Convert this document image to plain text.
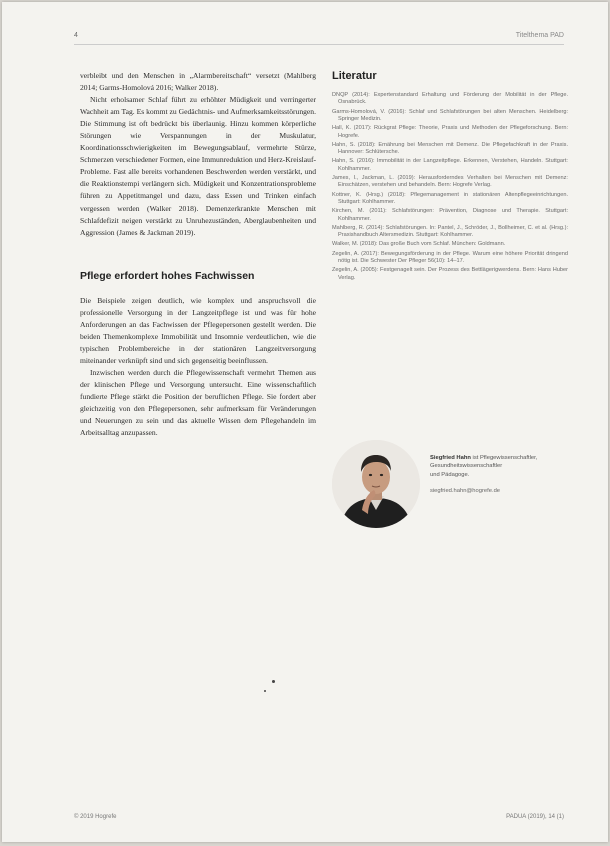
4	Titelthema PAD

verbleibt und den Menschen in „Alarmbereitschaft“ versetzt (Mahlberg 2014; Garms-Homolová 2016; Walker 2018).

Nicht erholsamer Schlaf führt zu erhöhter Müdigkeit und verringerter Wachheit am Tag. Es kommt zu Gedächtnis- und Aufmerksamkeitsstörungen. Die Stimmung ist oft bedrückt bis überlaunig. Hinzu kommen körperliche Störungen wie Verspannungen in der Muskulatur, Koordinationsschwierigkeiten im Bewegungsablauf, vermehrte Stürze, Schmerzen verschiedener Formen, eine Immunreduktion und Herz-Kreislauf-Probleme. Fast alle bereits vorhandenen Beschwerden werden verstärkt, und die Reaktionstempi verlängern sich. Müdigkeit und Konzentrationsprobleme führen zu Appetitmangel und dazu, dass Essen und Trinken einfach vergessen werden (Walker 2018). Demenzerkrankte Menschen mit Schlafdefizit neigen verstärkt zu Unruhezuständen, Aberglaubenheiten und Aggression (James & Jackman 2019).

Pflege erfordert hohes Fachwissen

Die Beispiele zeigen deutlich, wie komplex und anspruchsvoll die professionelle Versorgung in der Langzeitpflege ist und was für hohe Anforderungen an das Fachwissen der Pflegepersonen gestellt werden. Die beiden Themenkomplexe Immobilität und Insomnie verdeutlichen, wie die typischen Problembereiche in der stationären Langzeitversorgung miteinander verknüpft sind und sich gegenseitig beeinflussen.

Inzwischen werden durch die Pflegewissenschaft vermehrt Themen aus der klinischen Pflege und Versorgung untersucht. Eine wissenschaftlich fundierte Pflege stärkt die Position der beruflichen Pflege. Sie fordert aber gleichzeitig von den Pflegepersonen, sehr aufmerksam für Veränderungen und Neuerungen zu sein und das aktuelle Wissen dem Pflegehandeln im Arbeitsalltag anzupassen.

Literatur
DNQP (2014): Expertenstandard Erhaltung und Förderung der Mobilität in der Pflege. Osnabrück.
Garms-Homolová, V. (2016): Schlaf und Schlafstörungen bei alten Menschen. Heidelberg: Springer Medizin.
Hall, K. (2017): Rückgrat Pflege: Theorie, Praxis und Methoden der Pflegeforschung. Bern: Hogrefe.
Hahn, S. (2018): Ernährung bei Menschen mit Demenz. Die Pflegefachkraft in der Praxis. Hannover: Schlütersche.
Hahn, S. (2016): Immobilität in der Langzeitpflege. Erkennen, Verstehen, Handeln. Stuttgart: Kohlhammer.
James, I., Jackman, L. (2019): Herausforderndes Verhalten bei Menschen mit Demenz: Einschätzen, verstehen und behandeln. Bern: Hogrefe Verlag.
Kottner, K. (Hrsg.) (2018): Pflegemanagement in stationären Altenpflegeeinrichtungen. Stuttgart: Kohlhammer.
Kirchen, M. (2011): Schlafstörungen: Prävention, Diagnose und Therapie. Stuttgart: Kohlhammer.
Mahlberg, R. (2014): Schlafstörungen. In: Pantel, J., Schröder, J., Bollheimer, C. et al. (Hrsg.): Praxishandbuch Altersmedizin. Stuttgart: Kohlhammer.
Walker, M. (2018): Das große Buch vom Schlaf. München: Goldmann.
Zegelin, A. (2017): Bewegungsförderung in der Pflege. Warum eine höhere Priorität dringend nötig ist. Die Schwester Der Pfleger 56(10): 14–17.
Zegelin, A. (2005): Festgenagelt sein. Der Prozess des Bettlägerigwerdens. Bern: Hans Huber Verlag.
Siegfried Hahn ist Pflegewissenschaftler,
Gesundheitswissenschaftler
und Pädagoge.
siegfried.hahn@hogrefe.de
© 2019 Hogrefe	PADUA (2019), 14 (1)
